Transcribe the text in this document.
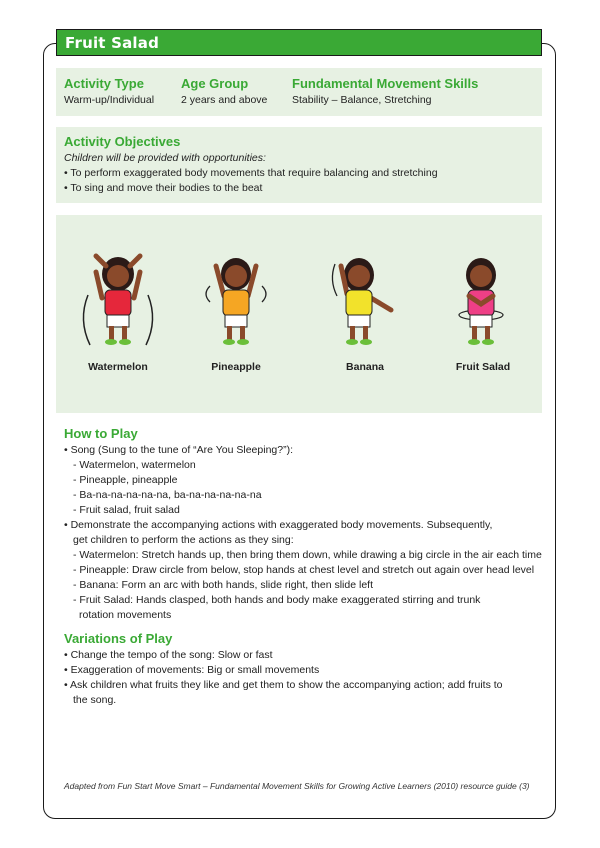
Fruit Salad
Activity Type
Warm-up/Individual
Age Group
2 years and above
Fundamental Movement Skills
Stability – Balance, Stretching
Activity Objectives
Children will be provided with opportunities:
• To perform exaggerated body movements that require balancing and stretching
• To sing and move their bodies to the beat
Watermelon	Pineapple	Banana	Fruit Salad
How to Play
• Song (Sung to the tune of “Are You Sleeping?”):
- Watermelon, watermelon
- Pineapple, pineapple
- Ba-na-na-na-na-na, ba-na-na-na-na-na
- Fruit salad, fruit salad
• Demonstrate the accompanying actions with exaggerated body movements. Subsequently,
get children to perform the actions as they sing:
- Watermelon: Stretch hands up, then bring them down, while drawing a big circle in the air each time
- Pineapple: Draw circle from below, stop hands at chest level and stretch out again over head level
- Banana: Form an arc with both hands, slide right, then slide left
- Fruit Salad: Hands clasped, both hands and body make exaggerated stirring and trunk
rotation movements
Variations of Play
• Change the tempo of the song: Slow or fast
• Exaggeration of movements: Big or small movements
• Ask children what fruits they like and get them to show the accompanying action; add fruits to
the song.
Adapted from Fun Start Move Smart – Fundamental Movement Skills for Growing Active Learners (2010) resource guide (3)
